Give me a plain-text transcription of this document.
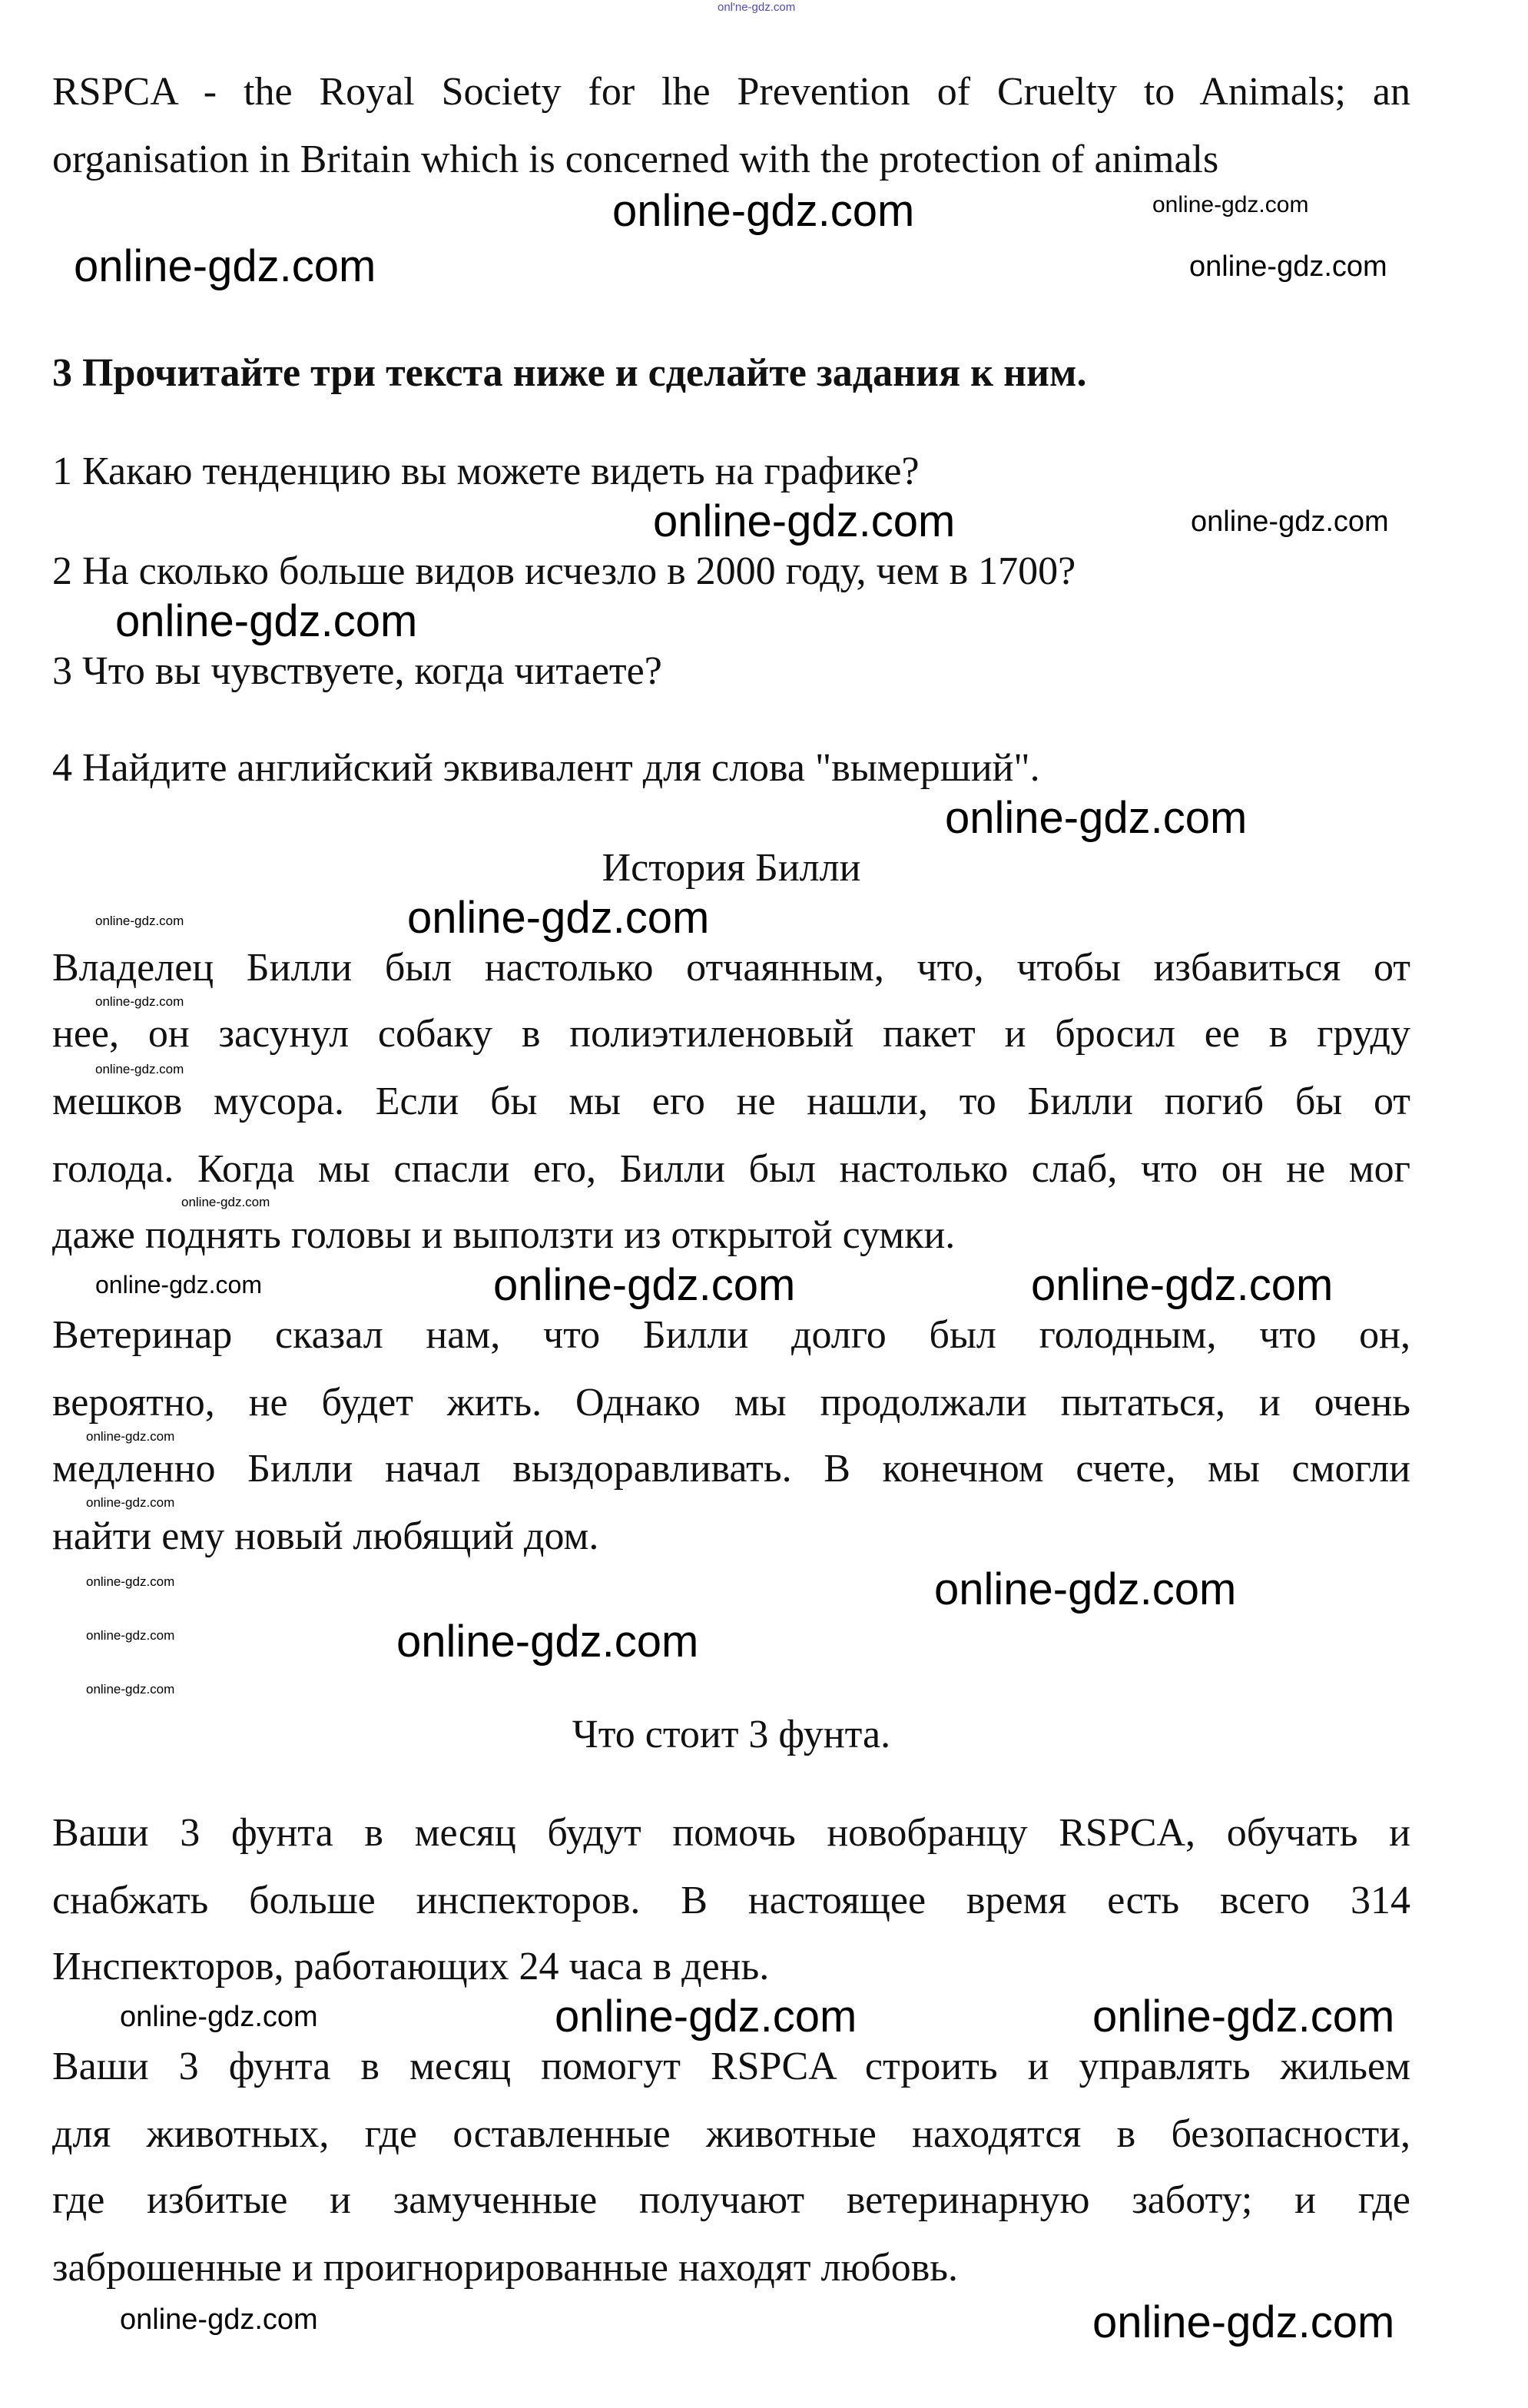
onl'ne-gdz.com
RSPCA - the Royal Society for lhe Prevention of Cruelty to Animals; an
organisation in Britain which is concerned with the protection of animals
online-gdz.com
online-gdz.com
online-gdz.com	online-gdz.com
3 Прочитайте три текста ниже и сделайте задания к ним.
1 Какаю тенденцию вы можете видеть на графике?
online-gdz.com	online-gdz.com
2 На сколько больше видов исчезло в 2000 году, чем в 1700?
online-gdz.com
3 Что вы чувствуете, когда читаете?
4 Найдите английский эквивалент для слова "вымерший".
online-gdz.com
История Билли
online-gdz.com	online-gdz.com
Владелец Билли был настолько отчаянным, что, чтобы избавиться от
online-gdz.com
нее, он засунул собаку в полиэтиленовый пакет и бросил ее в груду
online-gdz.com
мешков мусора. Если бы мы его не нашли, то Билли погиб бы от
голода. Когда мы спасли его, Билли был настолько слаб, что он не мог
online-gdz.com
даже поднять головы и выползти из открытой сумки.
online-gdz.com	online-gdz.com
online-gdz.com
Ветеринар сказал нам, что Билли долго был голодным, что он,
вероятно, не будет жить. Однако мы продолжали пытаться, и очень
online-gdz.com
медленно Билли начал выздоравливать. В конечном счете, мы смогли
online-gdz.com
найти ему новый любящий дом.
online-gdz.com
online-gdz.com
online-gdz.com
online-gdz.com
online-gdz.com
Что стоит 3 фунта.
Ваши 3 фунта в месяц будут помочь новобранцу RSPCA, обучать и
снабжать больше инспекторов. В настоящее время есть всего 314
Инспекторов, работающих 24 часа в день.
online-gdz.com	online-gdz.com
online-gdz.com
Ваши 3 фунта в месяц помогут RSPCA строить и управлять жильем
для животных, где оставленные животные находятся в безопасности,
где избитые и замученные получают ветеринарную заботу; и где
заброшенные и проигнорированные находят любовь.
online-gdz.com	online-gdz.com
